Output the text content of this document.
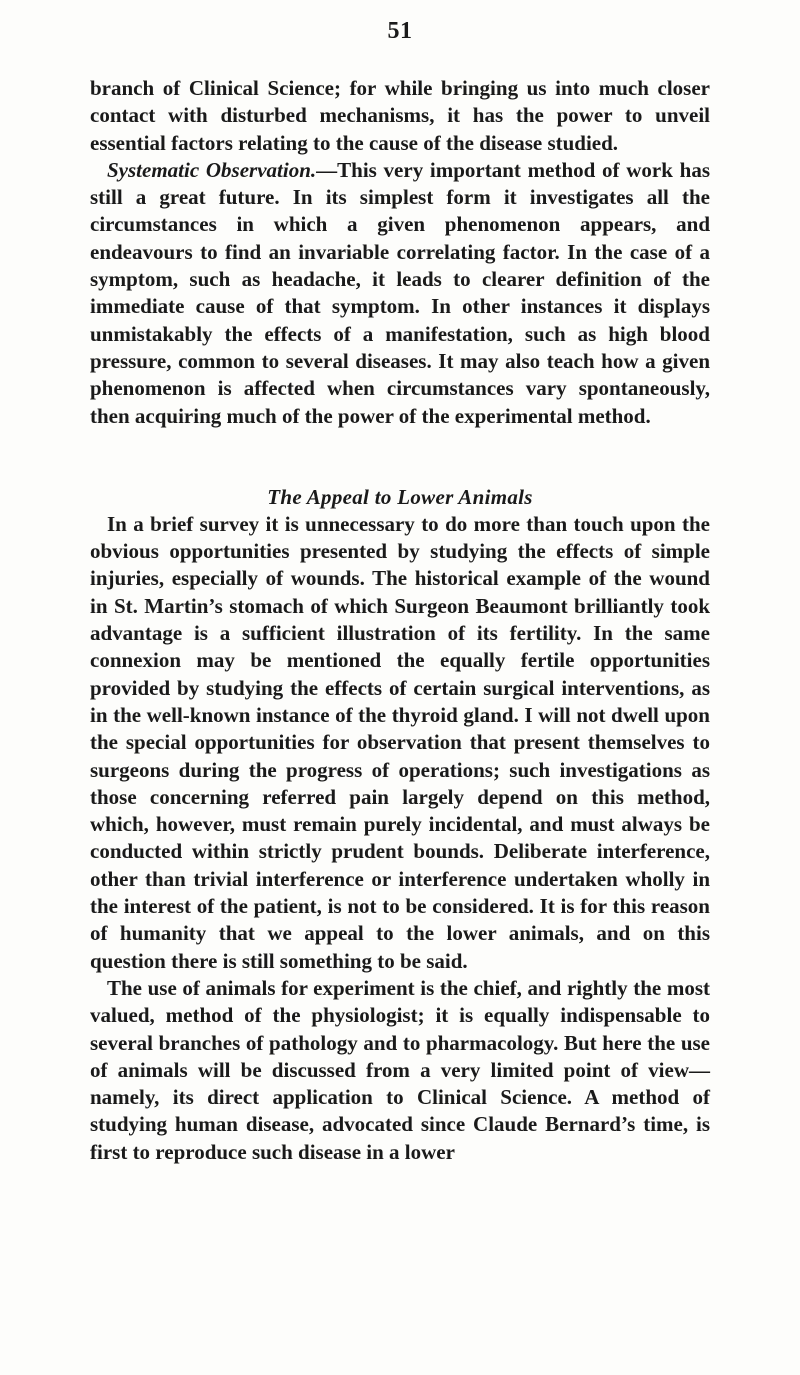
51

branch of Clinical Science; for while bringing us into much closer contact with disturbed mechanisms, it has the power to unveil essential factors relating to the cause of the disease studied.

Systematic Observation.—This very important method of work has still a great future. In its simplest form it investigates all the circumstances in which a given phenomenon appears, and endeavours to find an invariable correlating factor. In the case of a symptom, such as headache, it leads to clearer definition of the immediate cause of that symptom. In other instances it displays unmistakably the effects of a manifestation, such as high blood pressure, common to several diseases. It may also teach how a given phenomenon is affected when circumstances vary spontaneously, then acquiring much of the power of the experimental method.

The Appeal to Lower Animals

In a brief survey it is unnecessary to do more than touch upon the obvious opportunities presented by studying the effects of simple injuries, especially of wounds. The historical example of the wound in St. Martin’s stomach of which Surgeon Beaumont brilliantly took advantage is a sufficient illustration of its fertility. In the same connexion may be mentioned the equally fertile opportunities provided by studying the effects of certain surgical interventions, as in the well-known instance of the thyroid gland. I will not dwell upon the special opportunities for observation that present themselves to surgeons during the progress of operations; such investigations as those concerning referred pain largely depend on this method, which, however, must remain purely incidental, and must always be conducted within strictly prudent bounds. Deliberate interference, other than trivial interference or interference undertaken wholly in the interest of the patient, is not to be considered. It is for this reason of humanity that we appeal to the lower animals, and on this question there is still something to be said.

The use of animals for experiment is the chief, and rightly the most valued, method of the physiologist; it is equally indispensable to several branches of pathology and to pharmacology. But here the use of animals will be discussed from a very limited point of view—namely, its direct application to Clinical Science. A method of studying human disease, advocated since Claude Bernard’s time, is first to reproduce such disease in a lower
